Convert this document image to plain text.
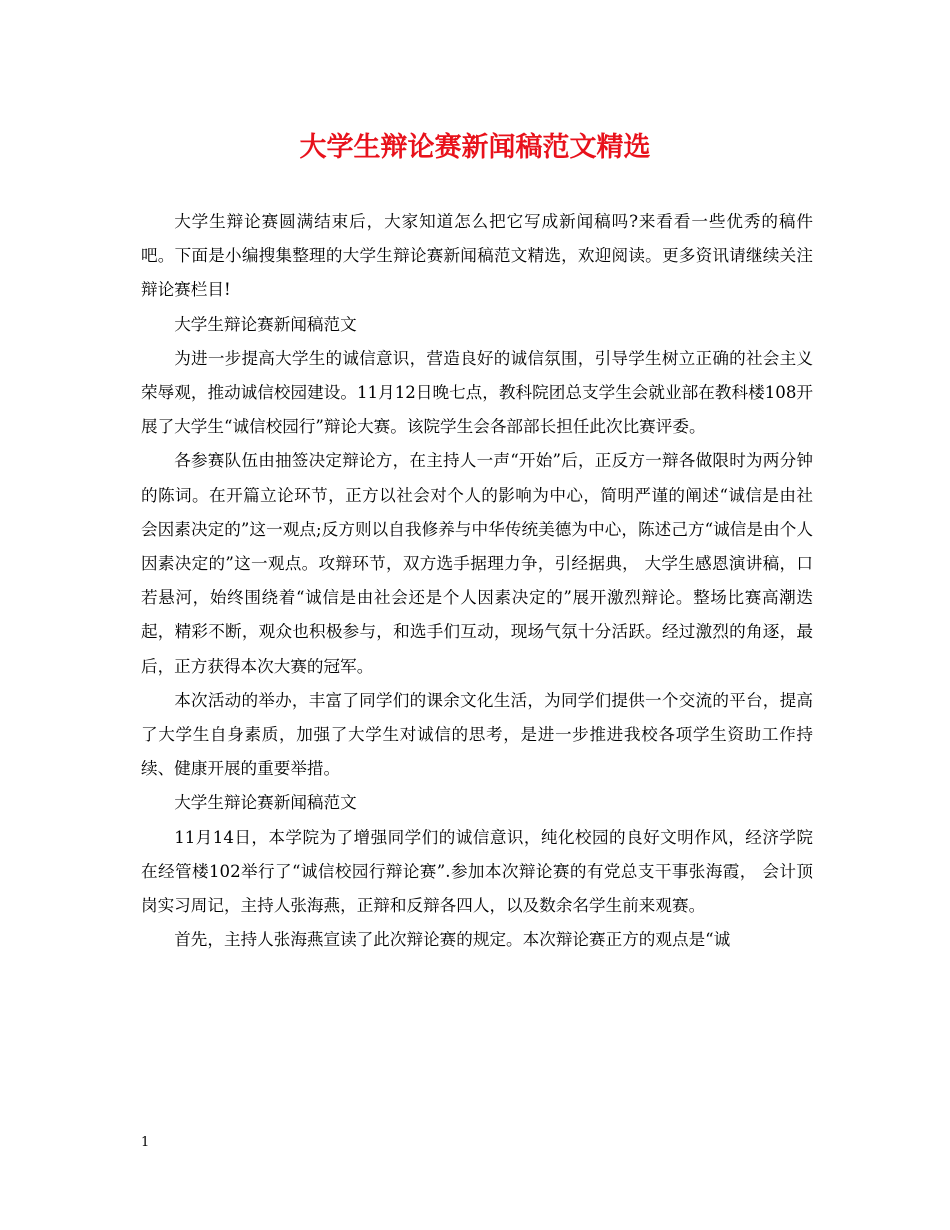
大学生辩论赛新闻稿范文精选

大学生辩论赛圆满结束后，大家知道怎么把它写成新闻稿吗?来看看一些优秀的稿件吧。下面是小编搜集整理的大学生辩论赛新闻稿范文精选，欢迎阅读。更多资讯请继续关注辩论赛栏目!

大学生辩论赛新闻稿范文

为进一步提高大学生的诚信意识，营造良好的诚信氛围，引导学生树立正确的社会主义荣辱观，推动诚信校园建设。11月12日晚七点，教科院团总支学生会就业部在教科楼108开展了大学生“诚信校园行”辩论大赛。该院学生会各部部长担任此次比赛评委。

各参赛队伍由抽签决定辩论方，在主持人一声“开始”后，正反方一辩各做限时为两分钟的陈词。在开篇立论环节，正方以社会对个人的影响为中心，简明严谨的阐述“诚信是由社会因素决定的”这一观点;反方则以自我修养与中华传统美德为中心，陈述己方“诚信是由个人因素决定的”这一观点。攻辩环节，双方选手据理力争，引经据典， 大学生感恩演讲稿，口若悬河，始终围绕着“诚信是由社会还是个人因素决定的”展开激烈辩论。整场比赛高潮迭起，精彩不断，观众也积极参与，和选手们互动，现场气氛十分活跃。经过激烈的角逐，最后，正方获得本次大赛的冠军。

本次活动的举办，丰富了同学们的课余文化生活，为同学们提供一个交流的平台，提高了大学生自身素质，加强了大学生对诚信的思考，是进一步推进我校各项学生资助工作持续、健康开展的重要举措。

大学生辩论赛新闻稿范文

11月14日，本学院为了增强同学们的诚信意识，纯化校园的良好文明作风，经济学院在经管楼102举行了“诚信校园行辩论赛”.参加本次辩论赛的有党总支干事张海霞， 会计顶岗实习周记，主持人张海燕，正辩和反辩各四人，以及数余名学生前来观赛。

首先，主持人张海燕宣读了此次辩论赛的规定。本次辩论赛正方的观点是“诚

1
